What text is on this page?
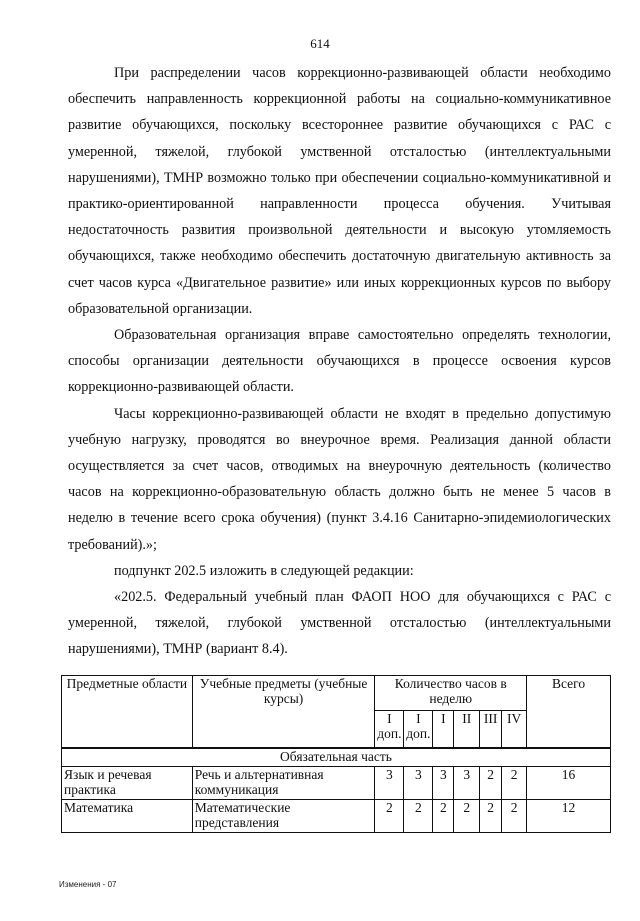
614

При распределении часов коррекционно-развивающей области необходимо обеспечить направленность коррекционной работы на социально-коммуникативное развитие обучающихся, поскольку всестороннее развитие обучающихся с РАС с умеренной, тяжелой, глубокой умственной отсталостью (интеллектуальными нарушениями), ТМНР возможно только при обеспечении социально-коммуникативной и практико-ориентированной направленности процесса обучения. Учитывая недостаточность развития произвольной деятельности и высокую утомляемость обучающихся, также необходимо обеспечить достаточную двигательную активность за счет часов курса «Двигательное развитие» или иных коррекционных курсов по выбору образовательной организации.

Образовательная организация вправе самостоятельно определять технологии, способы организации деятельности обучающихся в процессе освоения курсов коррекционно-развивающей области.

Часы коррекционно-развивающей области не входят в предельно допустимую учебную нагрузку, проводятся во внеурочное время. Реализация данной области осуществляется за счет часов, отводимых на внеурочную деятельность (количество часов на коррекционно-образовательную область должно быть не менее 5 часов в неделю в течение всего срока обучения) (пункт 3.4.16 Санитарно-эпидемиологических требований).»;

подпункт 202.5 изложить в следующей редакции:

«202.5. Федеральный учебный план ФАОП НОО для обучающихся с РАС с умеренной, тяжелой, глубокой умственной отсталостью (интеллектуальными нарушениями), ТМНР (вариант 8.4).

Предметные области	Учебные предметы (учебные курсы)	Количество часов в неделю						Всего
		I доп.	I доп.	I	II	III	IV	
Обязательная часть								
Язык и речевая практика	Речь и альтернативная коммуникация	3	3	3	3	2	2	16
Математика	Математические представления	2	2	2	2	2	2	12
Изменения - 07
